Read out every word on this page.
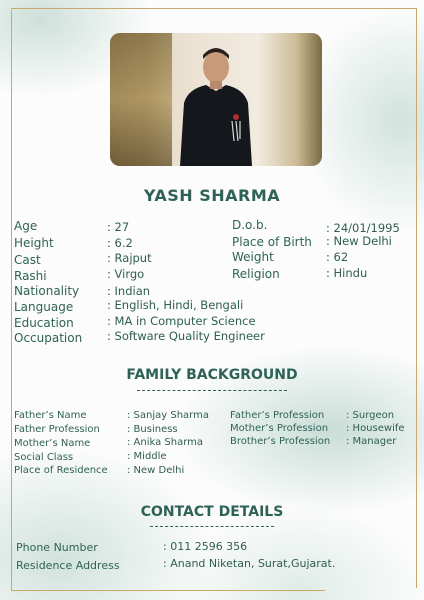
YASH SHARMA
Age	: 27
Height	: 6.2
Cast	: Rajput
Rashi	: Virgo
Nationality : Indian
Language	: English, Hindi, Bengali
Education	: MA in Computer Science
Occupation : Software Quality Engineer
D.o.b.	: 24/01/1995
Place of Birth : New Delhi
Weight	: 62
Religion	: Hindu
FAMILY BACKGROUND
Father’s Name	: Sanjay Sharma
Father Profession	: Business
Mother’s Name	: Anika Sharma
Social Class	: Middle
Place of Residence : New Delhi
Father’s Profession : Surgeon
Mother’s Profession : Housewife
Brother’s Profession : Manager
CONTACT DETAILS
Phone Number	: 011 2596 356
Residence Address	: Anand Niketan, Surat,Gujarat.
